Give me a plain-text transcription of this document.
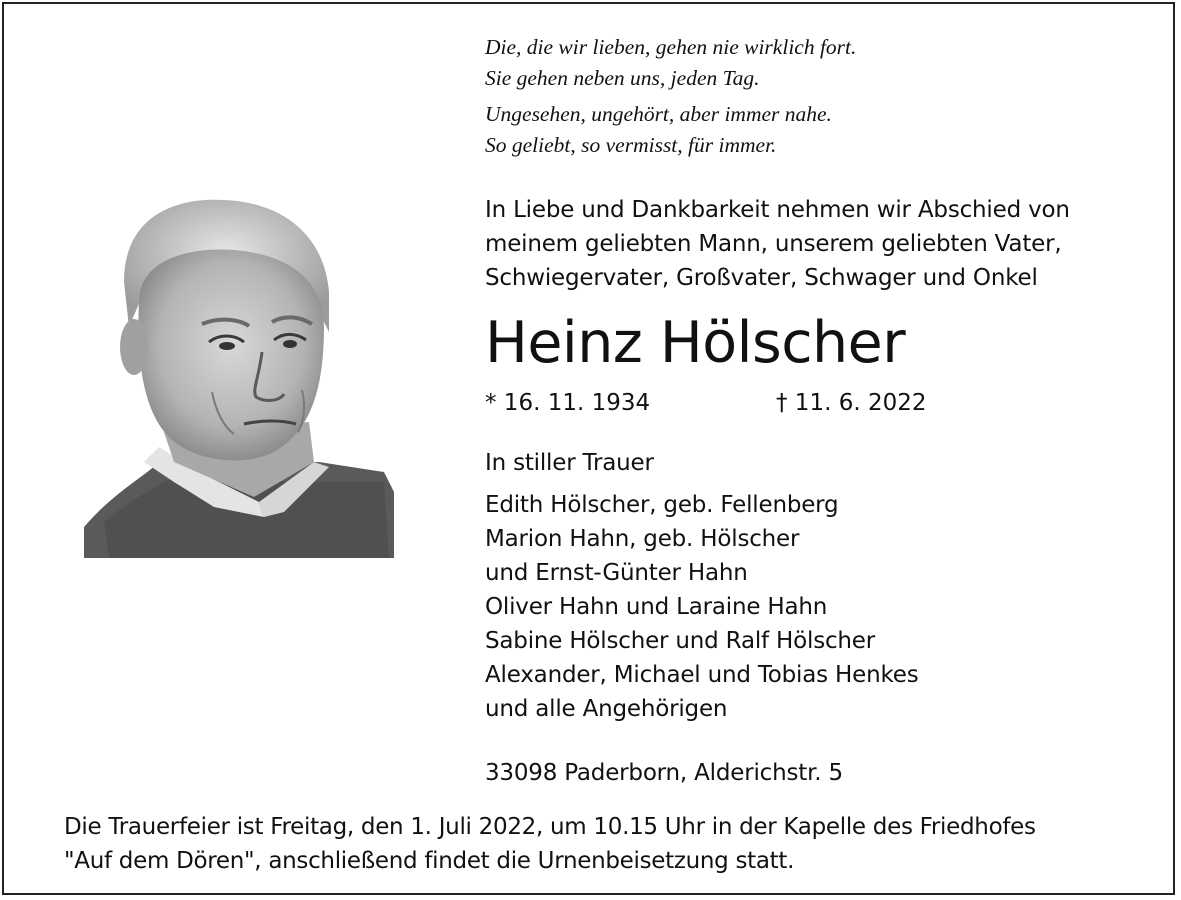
Die, die wir lieben, gehen nie wirklich fort.
Sie gehen neben uns, jeden Tag.
Ungesehen, ungehört, aber immer nahe.
So geliebt, so vermisst, für immer.
In Liebe und Dankbarkeit nehmen wir Abschied von
meinem geliebten Mann, unserem geliebten Vater,
Schwiegervater, Großvater, Schwager und Onkel
Heinz Hölscher
* 16. 11. 1934	† 11. 6. 2022
In stiller Trauer
Edith Hölscher, geb. Fellenberg
Marion Hahn, geb. Hölscher
und Ernst-Günter Hahn
Oliver Hahn und Laraine Hahn
Sabine Hölscher und Ralf Hölscher
Alexander, Michael und Tobias Henkes
und alle Angehörigen
33098 Paderborn, Alderichstr. 5
Die Trauerfeier ist Freitag, den 1. Juli 2022, um 10.15 Uhr in der Kapelle des Friedhofes
"Auf dem Dören", anschließend findet die Urnenbeisetzung statt.
